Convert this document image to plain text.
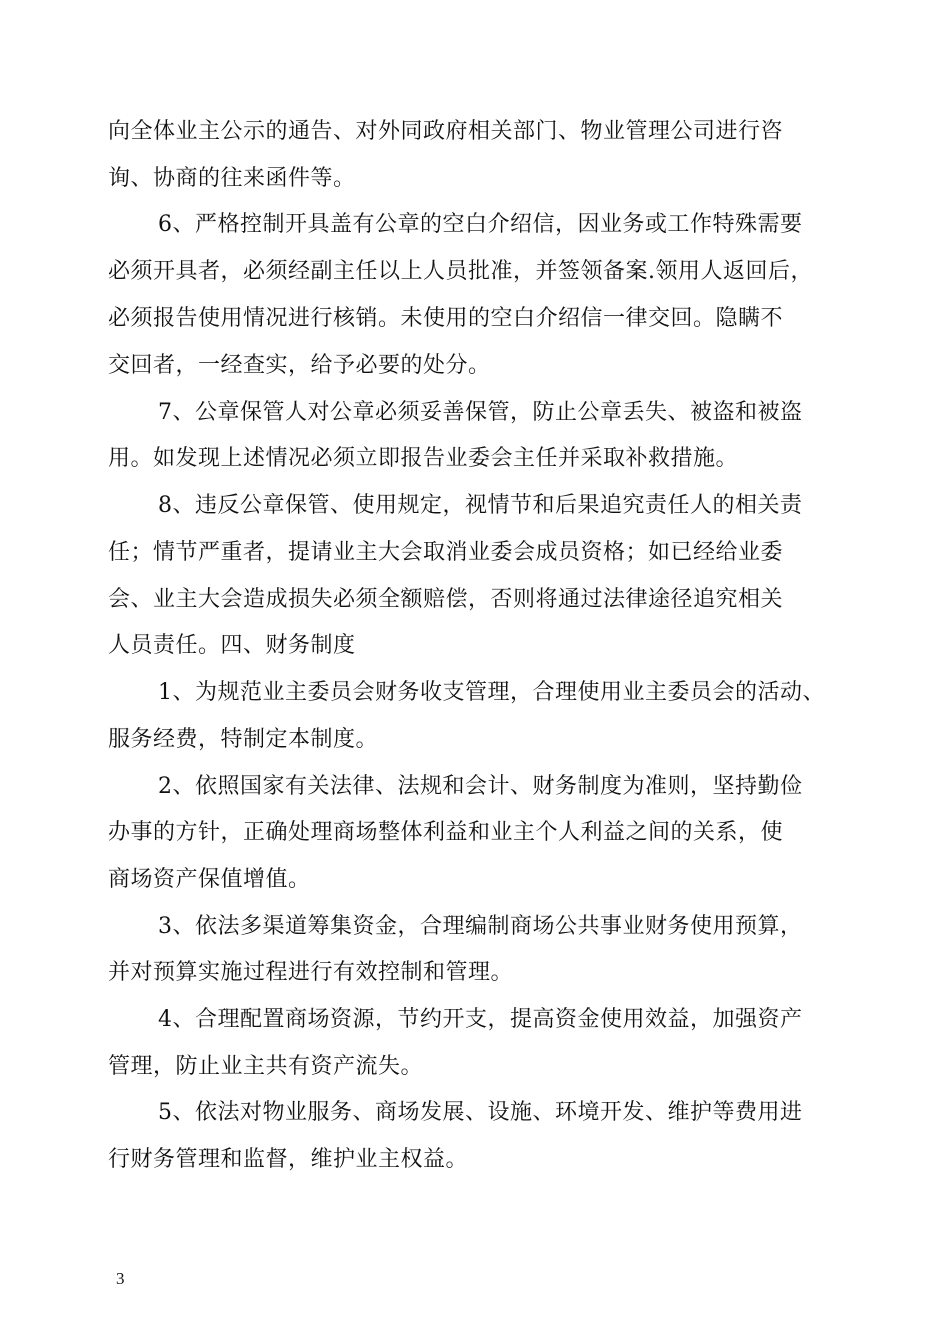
向全体业主公示的通告、对外同政府相关部门、物业管理公司进行咨
询、协商的往来函件等。
6、严格控制开具盖有公章的空白介绍信，因业务或工作特殊需要
必须开具者，必须经副主任以上人员批准，并签领备案.领用人返回后，
必须报告使用情况进行核销。未使用的空白介绍信一律交回。隐瞒不
交回者，一经查实，给予必要的处分。
7、公章保管人对公章必须妥善保管，防止公章丢失、被盗和被盗
用。如发现上述情况必须立即报告业委会主任并采取补救措施。
8、违反公章保管、使用规定，视情节和后果追究责任人的相关责
任；情节严重者，提请业主大会取消业委会成员资格；如已经给业委
会、业主大会造成损失必须全额赔偿，否则将通过法律途径追究相关
人员责任。四、财务制度
1、为规范业主委员会财务收支管理，合理使用业主委员会的活动、
服务经费，特制定本制度。
2、依照国家有关法律、法规和会计、财务制度为准则，坚持勤俭
办事的方针，正确处理商场整体利益和业主个人利益之间的关系，使
商场资产保值增值。
3、依法多渠道筹集资金，合理编制商场公共事业财务使用预算，
并对预算实施过程进行有效控制和管理。
4、合理配置商场资源，节约开支，提高资金使用效益，加强资产
管理，防止业主共有资产流失。
5、依法对物业服务、商场发展、设施、环境开发、维护等费用进
行财务管理和监督，维护业主权益。
3
